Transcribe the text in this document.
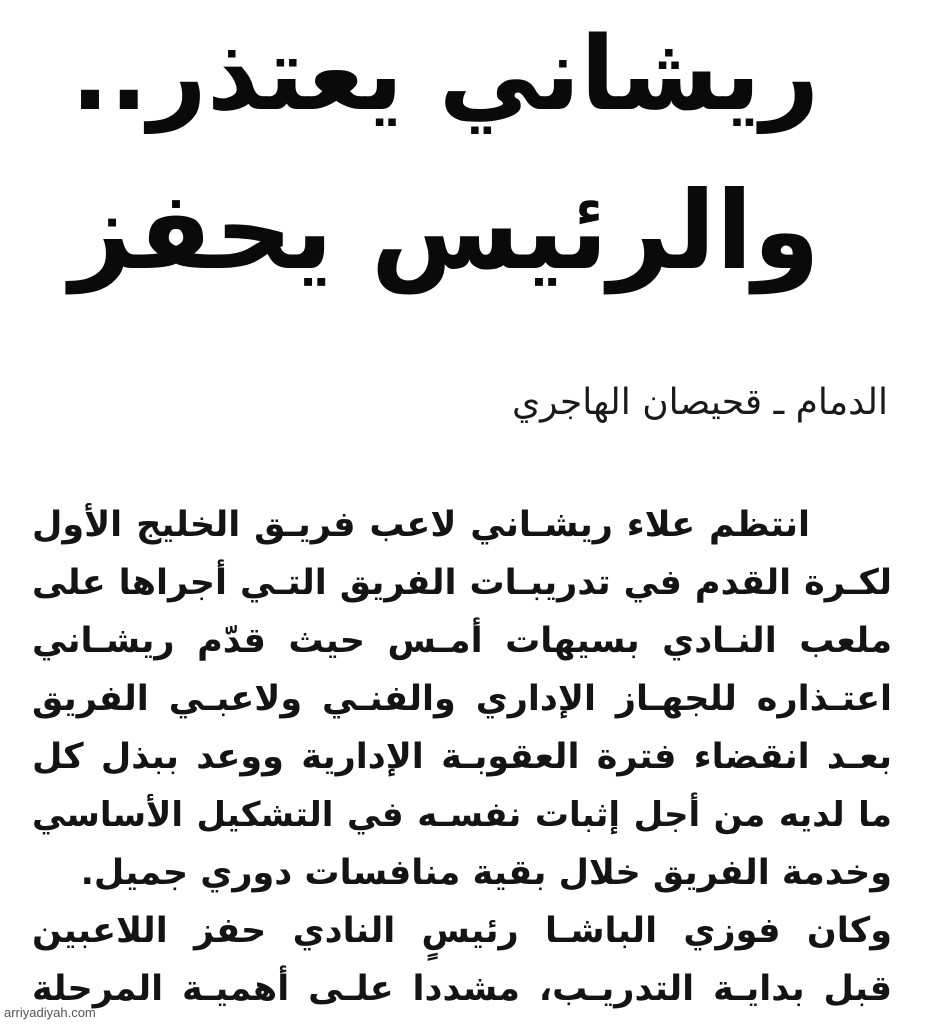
ريشاني يعتذر..
والرئيس يحفز

الدمام ـ قحيصان الهاجري

انتظم علاء ريشـاني لاعب فريـق الخليج الأول
لكـرة القدم في تدريبـات الفريق التـي أجراها على
ملعب النـادي بسيهات أمـس حيث قدّم ريشـاني
اعتـذاره للجهـاز الإداري والفنـي ولاعبـي الفريق
بعـد انقضاء فترة العقوبـة الإدارية ووعد ببذل كل
ما لديه من أجل إثبات نفسـه في التشكيل الأساسي
وخدمة الفريق خلال بقية منافسات دوري جميل.
وكان فوزي الباشـا رئيسٍ النادي حفز اللاعبين
قبل بدايـة التدريـب، مشددا علـى أهميـة المرحلة
arriyadiyah.com
